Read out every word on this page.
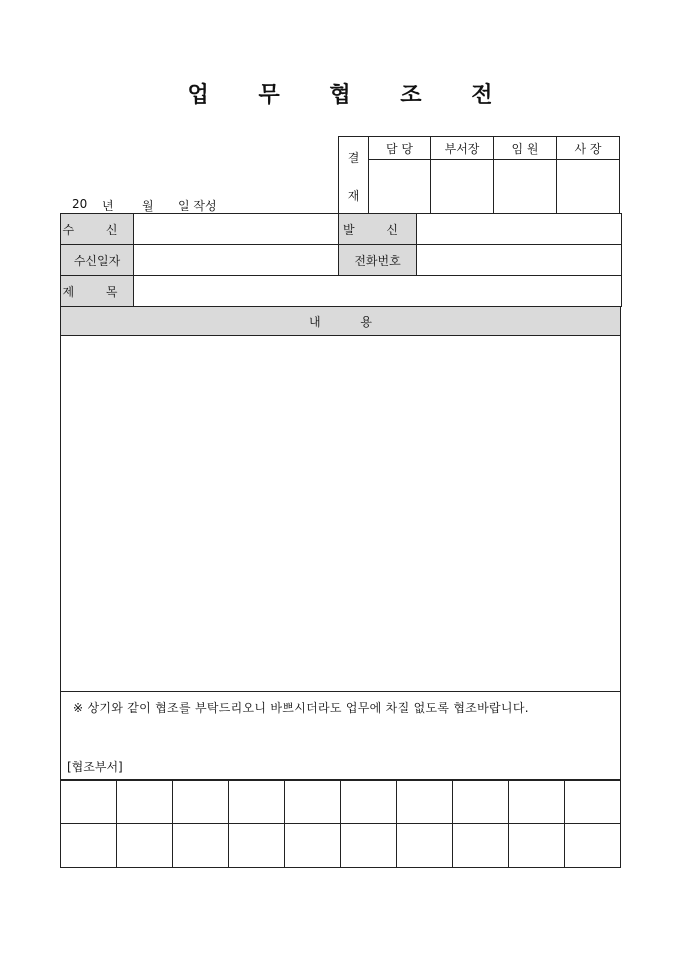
업 무 협 조 전
20	년	월	일 작성
결
재	담 당	부서장	임 원	사 장

수 신		발 신	
수신일자		전화번호	
제 목			
내 용

※ 상기와 같이 협조를 부탁드리오니 바쁘시더라도 업무에 차질 없도록 협조바랍니다.
[협조부서]
